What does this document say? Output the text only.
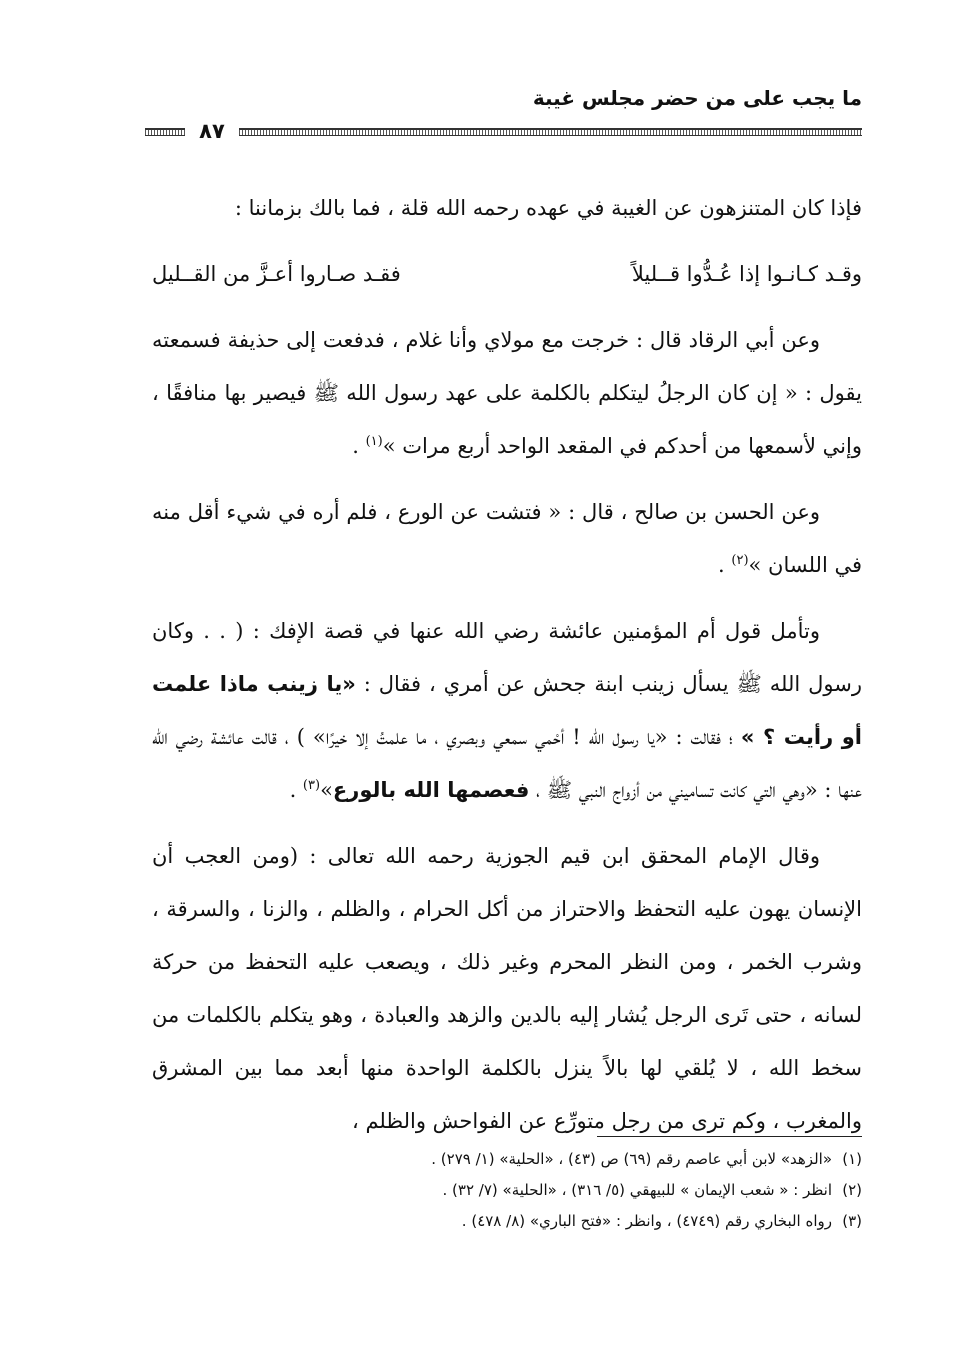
ما يجب على من حضر مجلس غيبة
٨٧

فإذا كان المتنزهون عن الغيبة في عهده رحمه الله قلة ، فما بالك بزماننا :

وقـد كـانـوا إذا عُـدُّوا قــليلاً
فقـد صـاروا أعـزَّ من القــليل

وعن أبي الرقاد قال : خرجت مع مولاي وأنا غلام ، فدفعت إلى حذيفة فسمعته يقول : « إن كان الرجلُ ليتكلم بالكلمة على عهد رسول الله ﷺ فيصير بها منافقًا ، وإني لأسمعها من أحدكم في المقعد الواحد أربع مرات »$^{(١)}$ .

وعن الحسن بن صالح ، قال : « فتشت عن الورع ، فلم أره في شيء أقل منه في اللسان »$^{(٢)}$ .

وتأمل قول أم المؤمنين عائشة رضي الله عنها في قصة الإفك : ( . . وكان رسول الله ﷺ يسأل زينب ابنة جحش عن أمري ، فقال : «يا زينب ماذا علمت أو رأيت ؟ » ؛ فقالت : «يا رسول الله ! أحْمي سمعي وبصري ، ما علمتُ إلا خيرًا» ) ، قالت عائشة رضي الله عنها : «وهي التي كانت تساميني من أزواج النبي ﷺ ، فعصمها الله بالورع»$^{(٣)}$ .

وقال الإمام المحقق ابن قيم الجوزية رحمه الله تعالى : (ومن العجب أن الإنسان يهون عليه التحفظ والاحتراز من أكل الحرام ، والظلم ، والزنا ، والسرقة ، وشرب الخمر ، ومن النظر المحرم وغير ذلك ، ويصعب عليه التحفظ من حركة لسانه ، حتى تَرى الرجل يُشار إليه بالدين والزهد والعبادة ، وهو يتكلم بالكلمات من سخط الله ، لا يُلقي لها بالاً ينزل بالكلمة الواحدة منها أبعد مما بين المشرق والمغرب ، وكم ترى من رجل متورِّع عن الفواحش والظلم ،

(١)«الزهد» لابن أبي عاصم رقم (٦٩) ص (٤٣) ، «الحلية» (١/ ٢٧٩) .
(٢)انظر : « شعب الإيمان » للبيهقي (٥/ ٣١٦) ، «الحلية» (٧/ ٣٢) .
(٣)رواه البخاري رقم (٤٧٤٩) ، وانظر : «فتح الباري» (٨/ ٤٧٨) .
